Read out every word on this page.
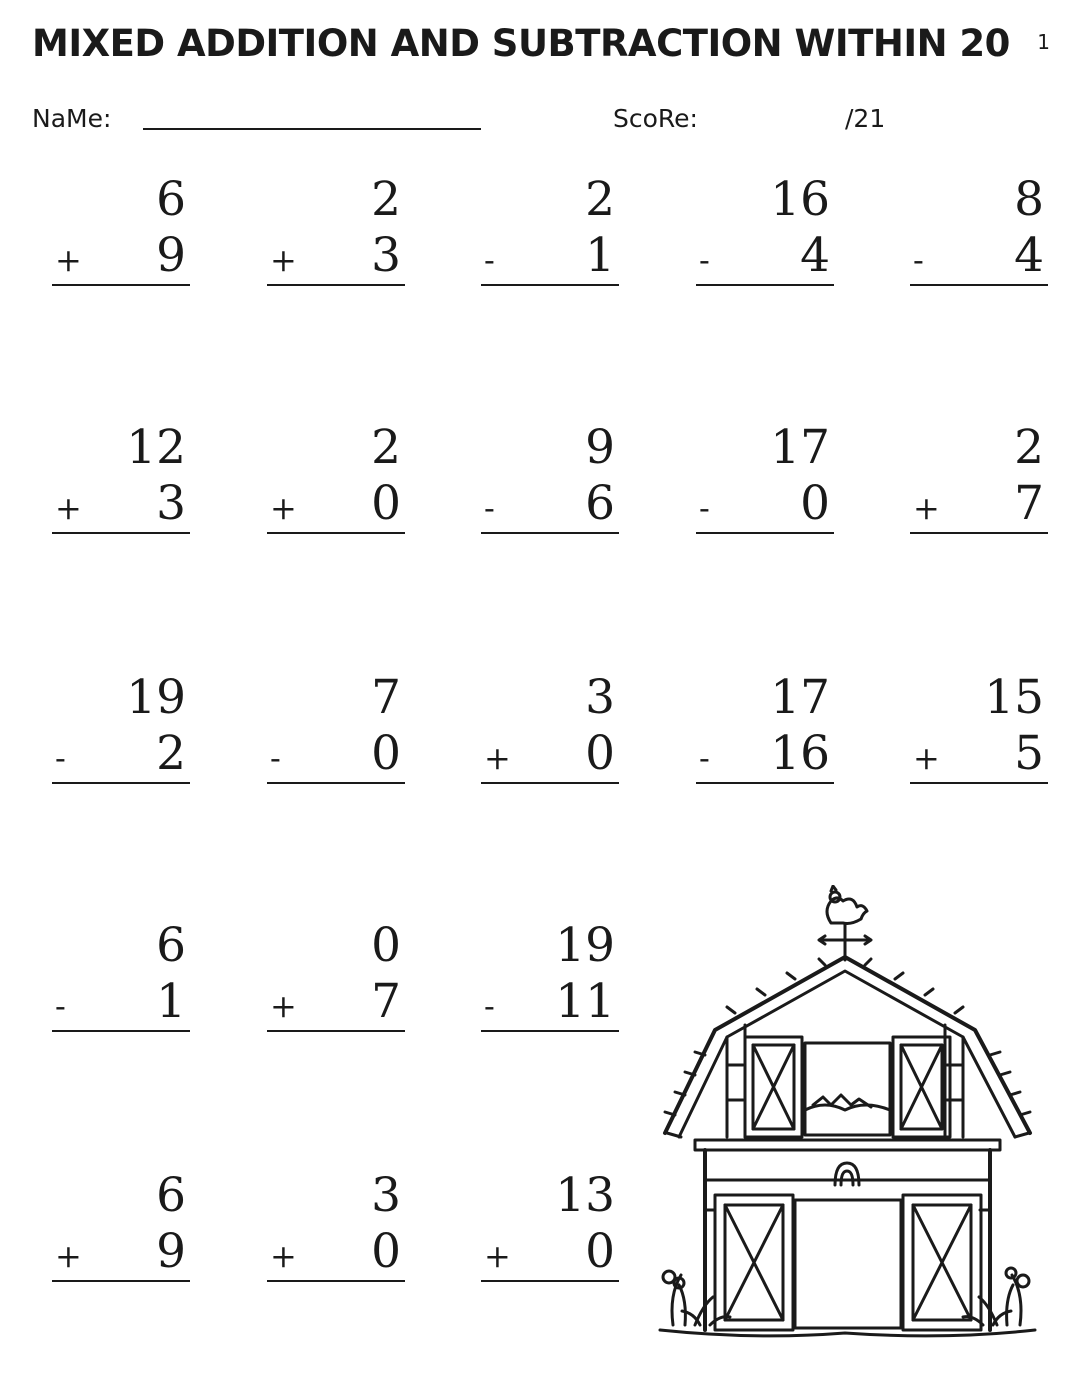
MIXED ADDITION AND SUBTRACTION WITHIN 20 1
NaMe:	ScoRe:	/21
6
+ 9
2
+ 3
2
- 1
16
- 4
8
- 4
12
+ 3
2
+ 0
9
- 6
17
- 0
2
+ 7
19
- 2
7
- 0
3
+ 0
17
- 16
15
+ 5
6
- 1
0
+ 7
19
- 11
6
+ 9
3
+ 0
13
+ 0
